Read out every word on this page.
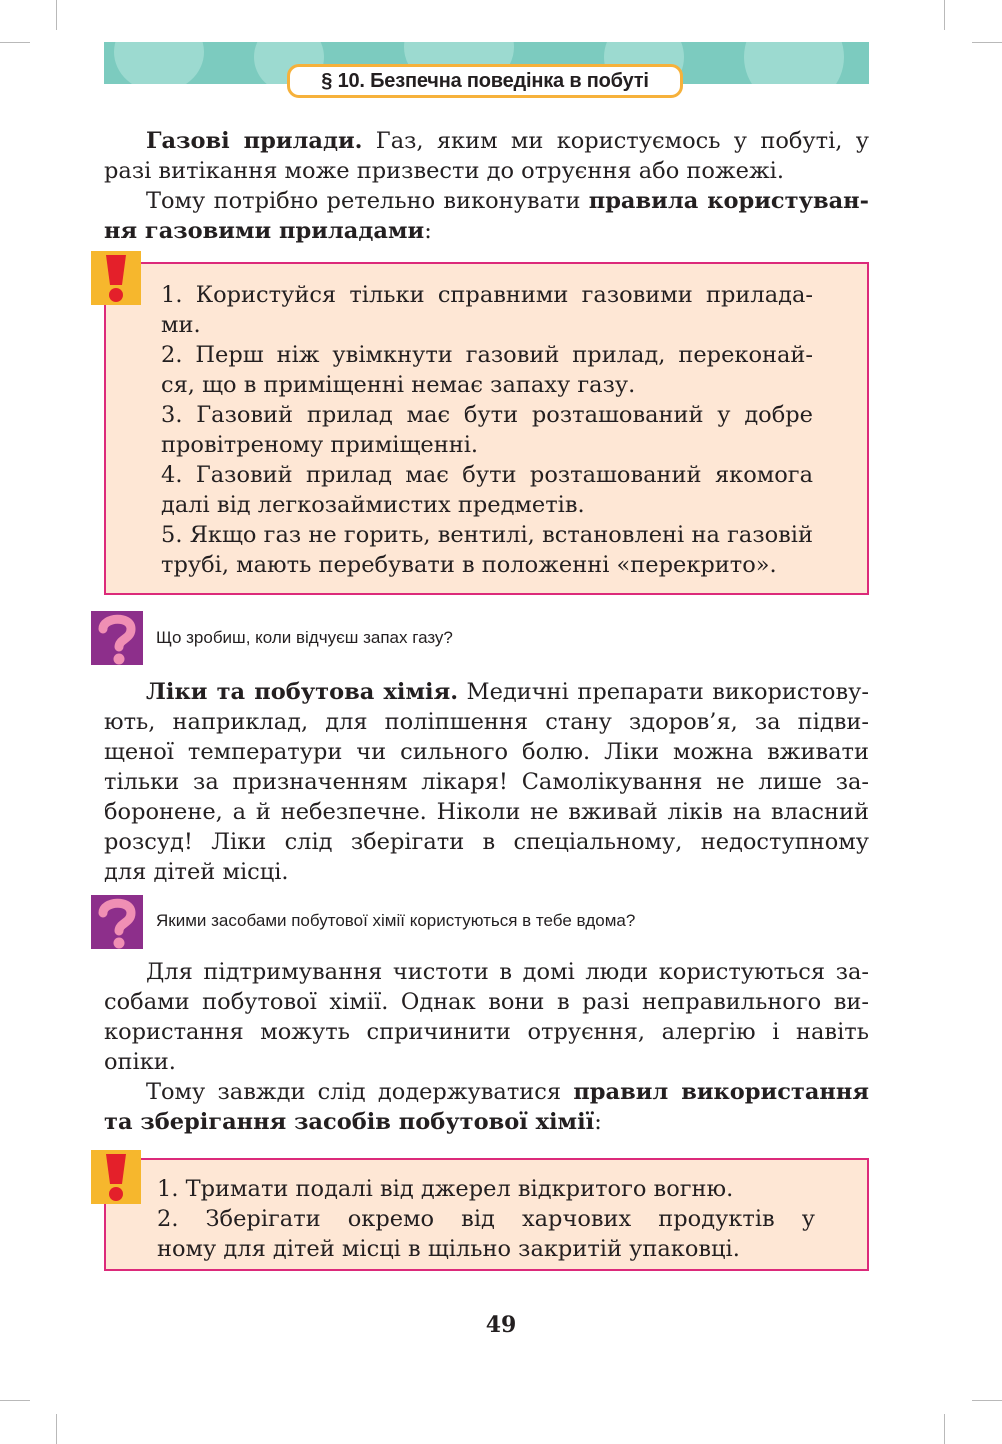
§ 10. Безпечна поведінка в побуті
Газові прилади. Газ, яким ми користуємось у побуті, у
разі витікання може призвести до отруєння або пожежі.
Тому потрібно ретельно виконувати правила користуван-
ня газовими приладами:
1. Користуйся тільки справними газовими прилада-
ми.
2. Перш ніж увімкнути газовий прилад, переконай-
ся, що в приміщенні немає запаху газу.
3. Газовий прилад має бути розташований у добре
провітреному приміщенні.
4. Газовий прилад має бути розташований якомога
далі від легкозаймистих предметів.
5. Якщо газ не горить, вентилі, встановлені на газовій
трубі, мають перебувати в положенні «перекрито».
Що зробиш, коли відчуєш запах газу?
Ліки та побутова хімія. Медичні препарати використову-
ють, наприклад, для поліпшення стану здоров’я, за підви-
щеної температури чи сильного болю. Ліки можна вживати
тільки за призначенням лікаря! Самолікування не лише за-
боронене, а й небезпечне. Ніколи не вживай ліків на власний
розсуд! Ліки слід зберігати в спеціальному, недоступному
для дітей місці.
Якими засобами побутової хімії користуються в тебе вдома?
Для підтримування чистоти в домі люди користуються за-
собами побутової хімії. Однак вони в разі неправильного ви-
користання можуть спричинити отруєння, алергію і навіть
опіки.
Тому завжди слід додержуватися правил використання
та зберігання засобів побутової хімії:
1. Тримати подалі від джерел відкритого вогню.
2. Зберігати окремо від харчових продуктів у
ному для дітей місці в щільно закритій упаковці.
49
